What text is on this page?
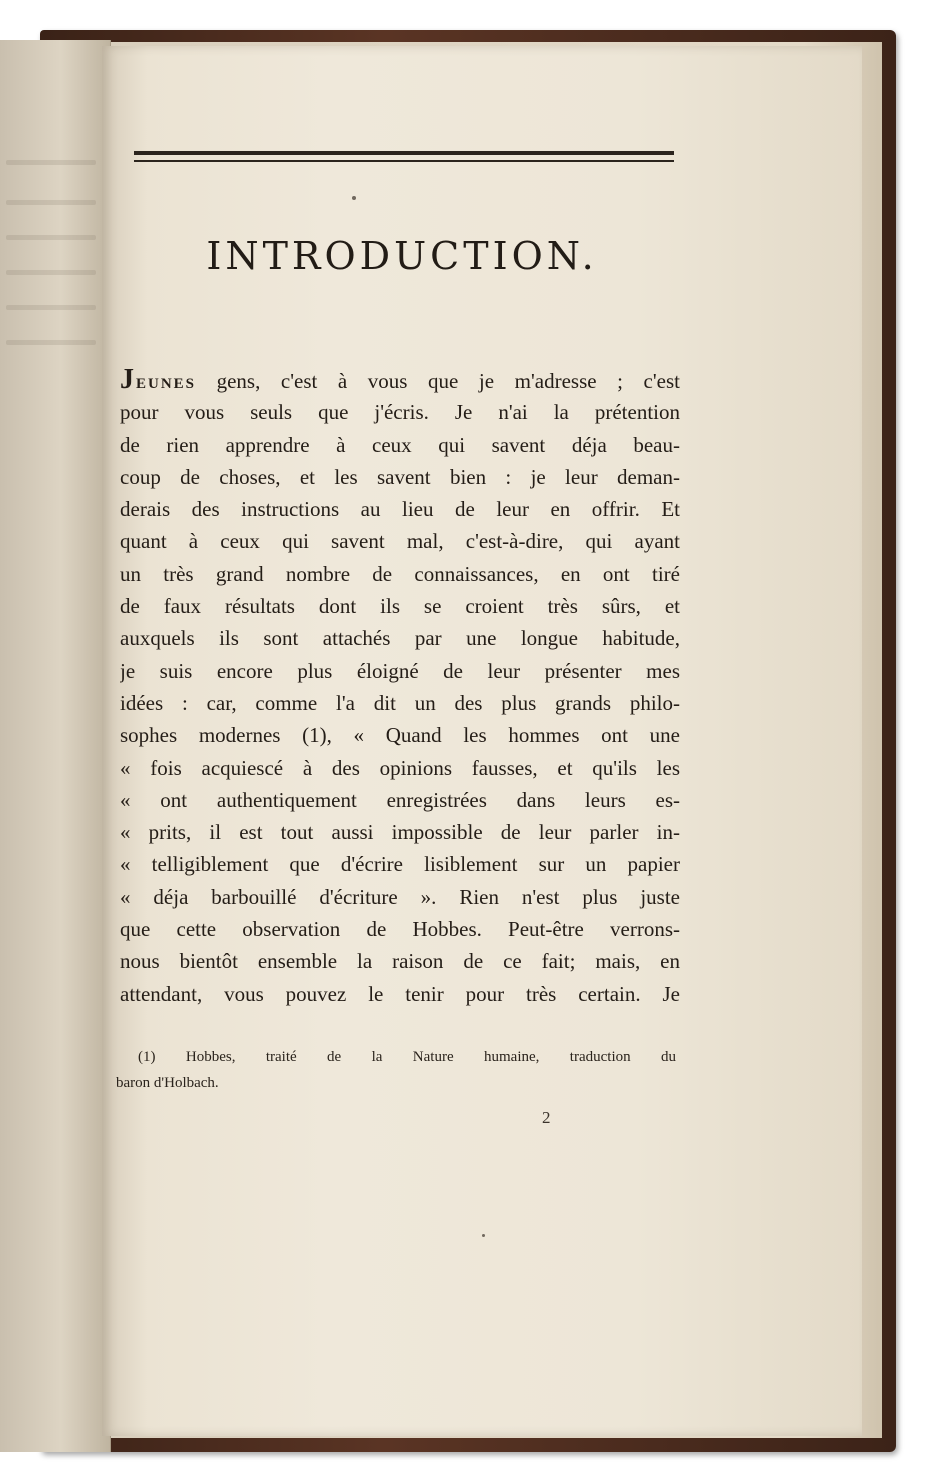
INTRODUCTION.
JEUNES gens, c'est à vous que je m'adresse ; c'est
pour vous seuls que j'écris. Je n'ai la prétention
de rien apprendre à ceux qui savent déja beau-
coup de choses, et les savent bien : je leur deman-
derais des instructions au lieu de leur en offrir. Et
quant à ceux qui savent mal, c'est-à-dire, qui ayant
un très grand nombre de connaissances, en ont tiré
de faux résultats dont ils se croient très sûrs, et
auxquels ils sont attachés par une longue habitude,
je suis encore plus éloigné de leur présenter mes
idées : car, comme l'a dit un des plus grands philo-
sophes modernes (1), « Quand les hommes ont une
« fois acquiescé à des opinions fausses, et qu'ils les
« ont authentiquement enregistrées dans leurs es-
« prits, il est tout aussi impossible de leur parler in-
« telligiblement que d'écrire lisiblement sur un papier
« déja barbouillé d'écriture ». Rien n'est plus juste
que cette observation de Hobbes. Peut-être verrons-
nous bientôt ensemble la raison de ce fait; mais, en
attendant, vous pouvez le tenir pour très certain. Je
(1) Hobbes, traité de la Nature humaine, traduction du
baron d'Holbach.
2
